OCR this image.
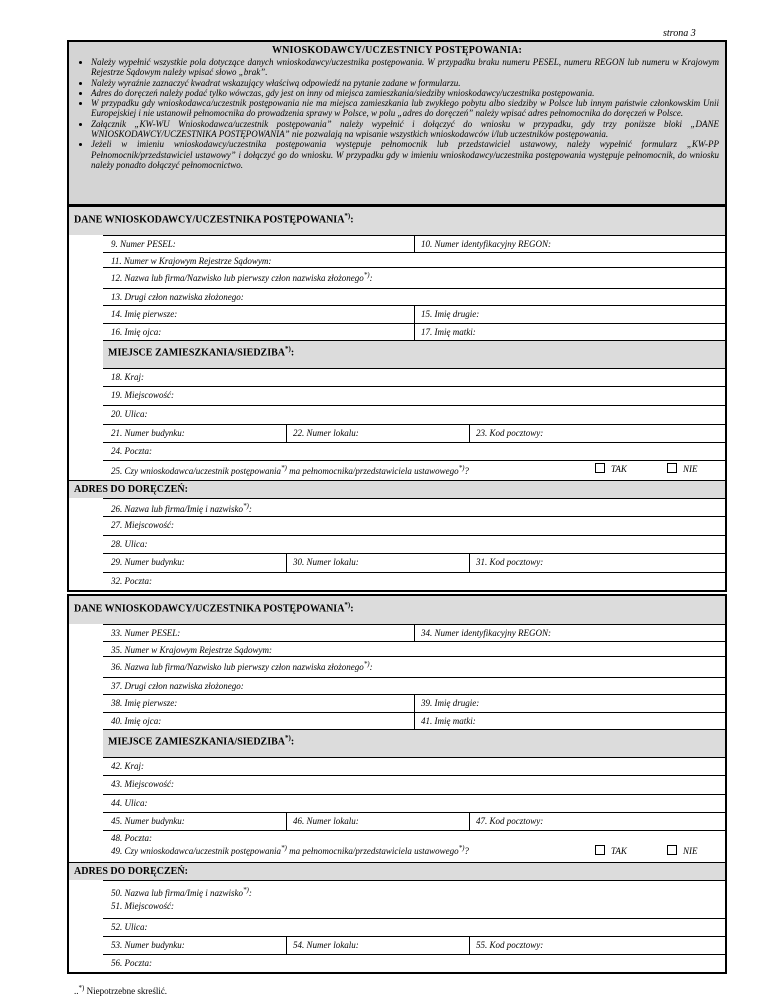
strona 3
WNIOSKODAWCY/UCZESTNICY POSTĘPOWANIA:
• Należy wypełnić wszystkie pola dotyczące danych wnioskodawcy/uczestnika postępowania. W przypadku braku numeru PESEL, numeru REGON lub numeru w Krajowym Rejestrze Sądowym należy wpisać słowo „brak”.
• Należy wyraźnie zaznaczyć kwadrat wskazujący właściwą odpowiedź na pytanie zadane w formularzu.
• Adres do doręczeń należy podać tylko wówczas, gdy jest on inny od miejsca zamieszkania/siedziby wnioskodawcy/uczestnika postępowania.
• W przypadku gdy wnioskodawca/uczestnik postępowania nie ma miejsca zamieszkania lub zwykłego pobytu albo siedziby w Polsce lub innym państwie członkowskim Unii Europejskiej i nie ustanowił pełnomocnika do prowadzenia sprawy w Polsce, w polu „adres do doręczeń” należy wpisać adres pełnomocnika do doręczeń w Polsce.
• Załącznik „KW-WU Wnioskodawca/uczestnik postępowania” należy wypełnić i dołączyć do wniosku w przypadku, gdy trzy poniższe bloki „DANE WNIOSKODAWCY/UCZESTNIKA POSTĘPOWANIA” nie pozwalają na wpisanie wszystkich wnioskodawców i/lub uczestników postępowania.
• Jeżeli w imieniu wnioskodawcy/uczestnika postępowania występuje pełnomocnik lub przedstawiciel ustawowy, należy wypełnić formularz „KW-PP Pełnomocnik/przedstawiciel ustawowy” i dołączyć go do wniosku. W przypadku gdy w imieniu wnioskodawcy/uczestnika postępowania występuje pełnomocnik, do wniosku należy ponadto dołączyć pełnomocnictwo.
DANE WNIOSKODAWCY/UCZESTNIKA POSTĘPOWANIA*):
9. Numer PESEL:	10. Numer identyfikacyjny REGON:
11. Numer w Krajowym Rejestrze Sądowym:
12. Nazwa lub firma/Nazwisko lub pierwszy człon nazwiska złożonego*):
13. Drugi człon nazwiska złożonego:
14. Imię pierwsze:	15. Imię drugie:
16. Imię ojca:	17. Imię matki:
MIEJSCE ZAMIESZKANIA/SIEDZIBA*):
18. Kraj:
19. Miejscowość:
20. Ulica:
21. Numer budynku:	22. Numer lokalu:	23. Kod pocztowy:
24. Poczta:
25. Czy wnioskodawca/uczestnik postępowania*) ma pełnomocnika/przedstawiciela ustawowego*)?	TAK	NIE
ADRES DO DORĘCZEŃ:
26. Nazwa lub firma/Imię i nazwisko*):
27. Miejscowość:
28. Ulica:
29. Numer budynku:	30. Numer lokalu:	31. Kod pocztowy:
32. Poczta:
DANE WNIOSKODAWCY/UCZESTNIKA POSTĘPOWANIA*):
33. Numer PESEL:	34. Numer identyfikacyjny REGON:
35. Numer w Krajowym Rejestrze Sądowym:
36. Nazwa lub firma/Nazwisko lub pierwszy człon nazwiska złożonego*):
37. Drugi człon nazwiska złożonego:
38. Imię pierwsze:	39. Imię drugie:
40. Imię ojca:	41. Imię matki:
MIEJSCE ZAMIESZKANIA/SIEDZIBA*):
42. Kraj:
43. Miejscowość:
44. Ulica:
45. Numer budynku:	46. Numer lokalu:	47. Kod pocztowy:
48. Poczta:
49. Czy wnioskodawca/uczestnik postępowania*) ma pełnomocnika/przedstawiciela ustawowego*)?	TAK	NIE
ADRES DO DORĘCZEŃ:
50. Nazwa lub firma/Imię i nazwisko*):
51. Miejscowość:
52. Ulica:
53. Numer budynku:	54. Numer lokalu:	55. Kod pocztowy:
56. Poczta:
..*) Niepotrzebne skreślić.
